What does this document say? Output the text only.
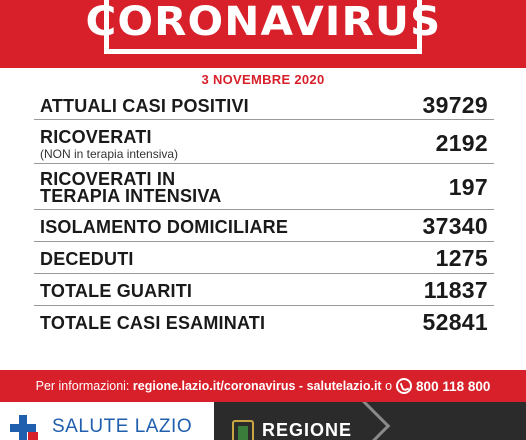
CORONAVIRUS
3 NOVEMBRE 2020
ATTUALI CASI POSITIVI	39729
RICOVERATI
(NON in terapia intensiva)	2192
RICOVERATI IN
TERAPIA INTENSIVA	197
ISOLAMENTO DOMICILIARE	37340
DECEDUTI	1275
TOTALE GUARITI	11837
TOTALE CASI ESAMINATI	52841
Per informazioni:
regione.lazio.it/coronavirus
-
salutelazio.it
o 800 118 800
SALUTE LAZIO	REGIONE
